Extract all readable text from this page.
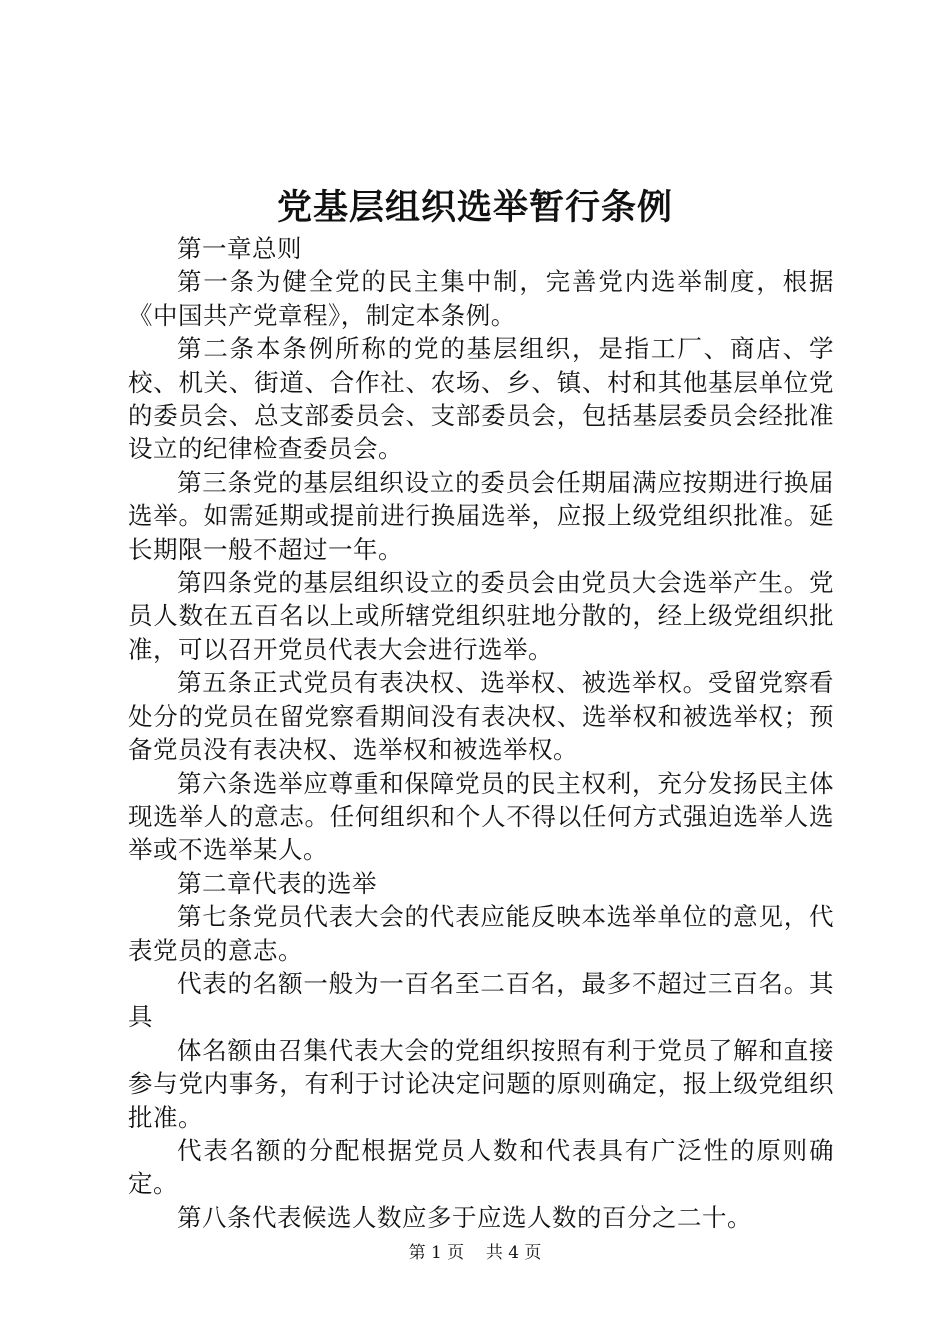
党基层组织选举暂行条例

第一章总则

第一条为健全党的民主集中制，完善党内选举制度，根据《中国共产党章程》，制定本条例。

第二条本条例所称的党的基层组织，是指工厂、商店、学校、机关、街道、合作社、农场、乡、镇、村和其他基层单位党的委员会、总支部委员会、支部委员会，包括基层委员会经批准设立的纪律检查委员会。

第三条党的基层组织设立的委员会任期届满应按期进行换届选举。如需延期或提前进行换届选举，应报上级党组织批准。延长期限一般不超过一年。

第四条党的基层组织设立的委员会由党员大会选举产生。党员人数在五百名以上或所辖党组织驻地分散的，经上级党组织批准，可以召开党员代表大会进行选举。

第五条正式党员有表决权、选举权、被选举权。受留党察看处分的党员在留党察看期间没有表决权、选举权和被选举权；预备党员没有表决权、选举权和被选举权。

第六条选举应尊重和保障党员的民主权利，充分发扬民主体现选举人的意志。任何组织和个人不得以任何方式强迫选举人选举或不选举某人。

第二章代表的选举

第七条党员代表大会的代表应能反映本选举单位的意见，代表党员的意志。

代表的名额一般为一百名至二百名，最多不超过三百名。其具

体名额由召集代表大会的党组织按照有利于党员了解和直接参与党内事务，有利于讨论决定问题的原则确定，报上级党组织批准。

代表名额的分配根据党员人数和代表具有广泛性的原则确定。

第八条代表候选人数应多于应选人数的百分之二十。

第 1 页 共 4 页
